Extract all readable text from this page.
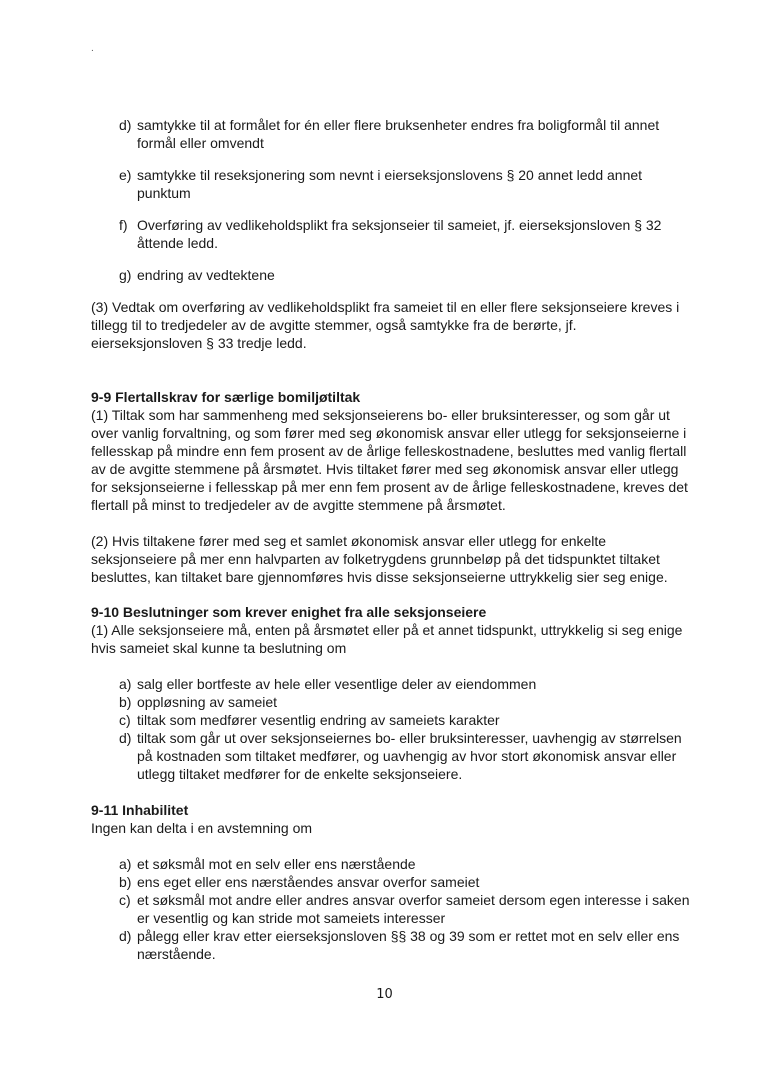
.
d) samtykke til at formålet for én eller flere bruksenheter endres fra boligformål til annet formål eller omvendt
e) samtykke til reseksjonering som nevnt i eierseksjonslovens § 20 annet ledd annet punktum
f) Overføring av vedlikeholdsplikt fra seksjonseier til sameiet, jf. eierseksjonsloven § 32 åttende ledd.
g) endring av vedtektene

(3) Vedtak om overføring av vedlikeholdsplikt fra sameiet til en eller flere seksjonseiere kreves i tillegg til to tredjedeler av de avgitte stemmer, også samtykke fra de berørte, jf. eierseksjonsloven § 33 tredje ledd.

9-9 Flertallskrav for særlige bomiljøtiltak

(1) Tiltak som har sammenheng med seksjonseierens bo- eller bruksinteresser, og som går ut over vanlig forvaltning, og som fører med seg økonomisk ansvar eller utlegg for seksjonseierne i fellesskap på mindre enn fem prosent av de årlige felleskostnadene, besluttes med vanlig flertall av de avgitte stemmene på årsmøtet. Hvis tiltaket fører med seg økonomisk ansvar eller utlegg for seksjonseierne i fellesskap på mer enn fem prosent av de årlige felleskostnadene, kreves det flertall på minst to tredjedeler av de avgitte stemmene på årsmøtet.

(2) Hvis tiltakene fører med seg et samlet økonomisk ansvar eller utlegg for enkelte seksjonseiere på mer enn halvparten av folketrygdens grunnbeløp på det tidspunktet tiltaket besluttes, kan tiltaket bare gjennomføres hvis disse seksjonseierne uttrykkelig sier seg enige.

9-10 Beslutninger som krever enighet fra alle seksjonseiere

(1) Alle seksjonseiere må, enten på årsmøtet eller på et annet tidspunkt, uttrykkelig si seg enige hvis sameiet skal kunne ta beslutning om

a) salg eller bortfeste av hele eller vesentlige deler av eiendommen
b) oppløsning av sameiet
c) tiltak som medfører vesentlig endring av sameiets karakter
d) tiltak som går ut over seksjonseiernes bo- eller bruksinteresser, uavhengig av størrelsen på kostnaden som tiltaket medfører, og uavhengig av hvor stort økonomisk ansvar eller utlegg tiltaket medfører for de enkelte seksjonseiere.

9-11 Inhabilitet

Ingen kan delta i en avstemning om

a) et søksmål mot en selv eller ens nærstående
b) ens eget eller ens nærståendes ansvar overfor sameiet
c) et søksmål mot andre eller andres ansvar overfor sameiet dersom egen interesse i saken er vesentlig og kan stride mot sameiets interesser
d) pålegg eller krav etter eierseksjonsloven §§ 38 og 39 som er rettet mot en selv eller ens nærstående.
10
